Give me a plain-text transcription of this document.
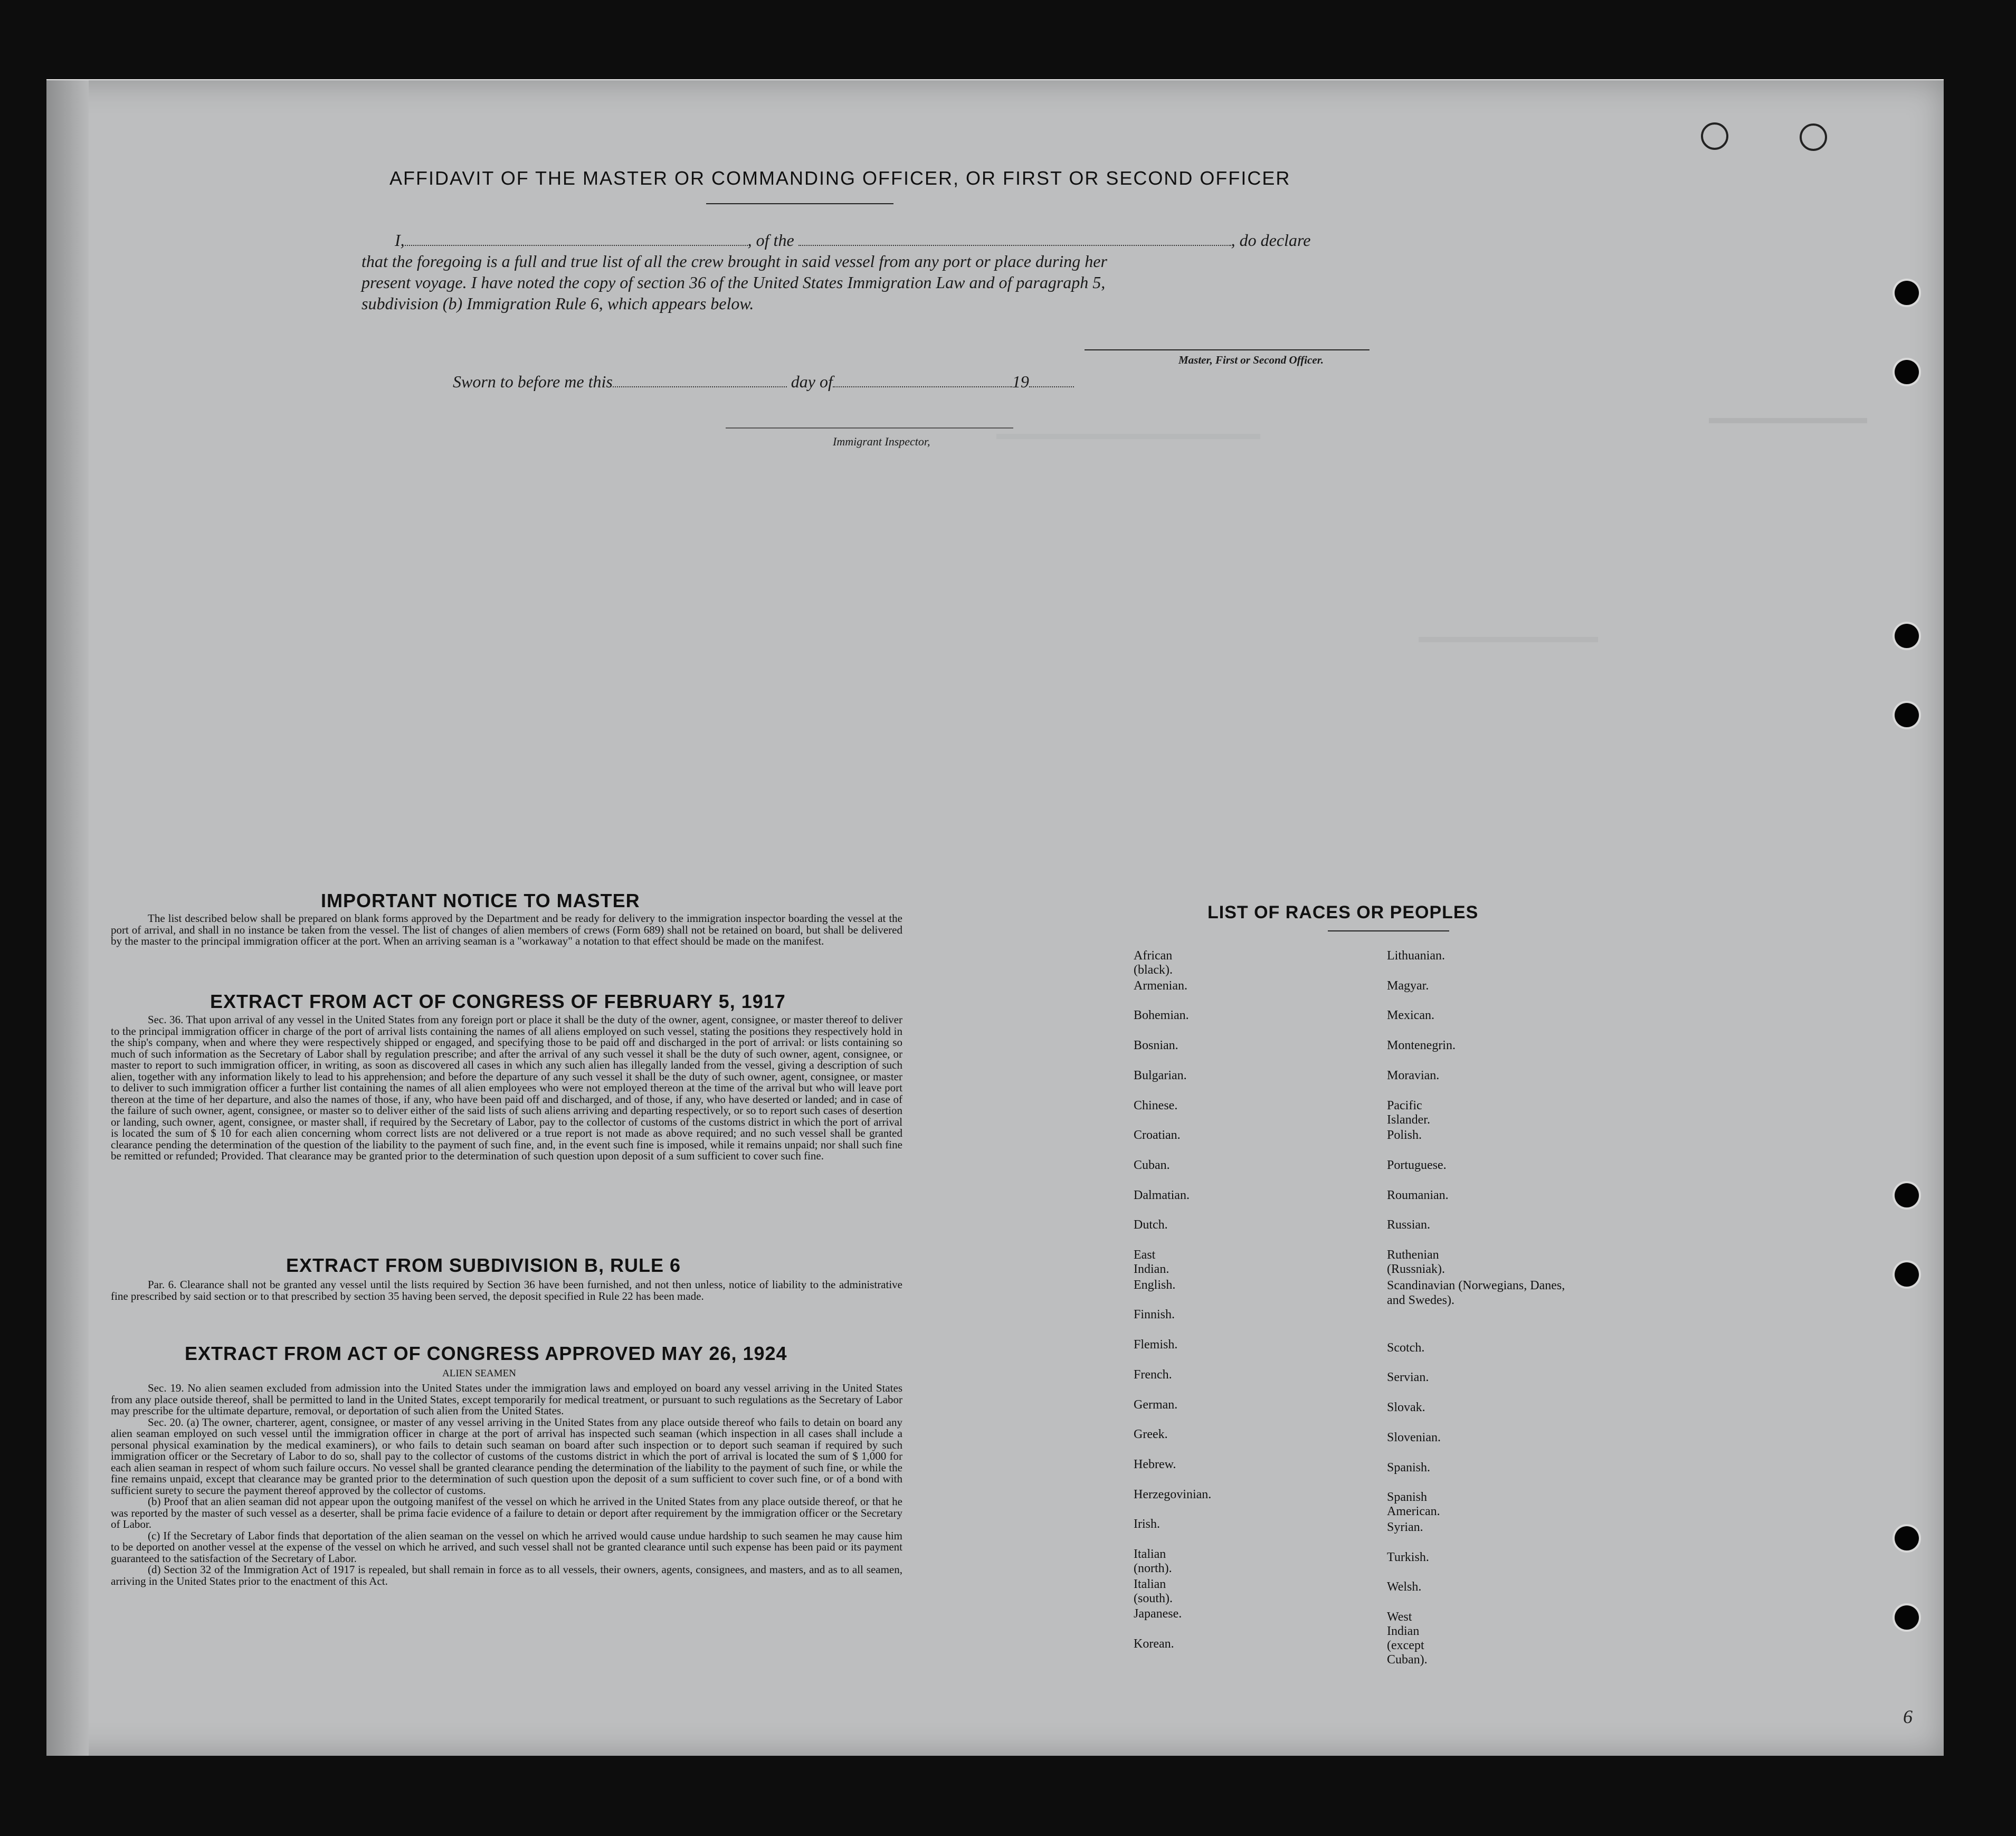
AFFIDAVIT OF THE MASTER OR COMMANDING OFFICER, OR FIRST OR SECOND OFFICER
I,	, of the	, do declare
that the foregoing is a full and true list of all the crew brought in said vessel from any port or place during her
present voyage. I have noted the copy of section 36 of the United States Immigration Law and of paragraph 5,
subdivision (b) Immigration Rule 6, which appears below.
Master, First or Second Officer.
Sworn to before me this	day of	19
Immigrant Inspector,
IMPORTANT NOTICE TO MASTER

The list described below shall be prepared on blank forms approved by the Department and be ready for delivery to the immigration inspector boarding the vessel at the port of arrival, and shall in no instance be taken from the vessel. The list of changes of alien members of crews (Form 689) shall not be retained on board, but shall be delivered by the master to the principal immigration officer at the port. When an arriving seaman is a "workaway" a notation to that effect should be made on the manifest.

EXTRACT FROM ACT OF CONGRESS OF FEBRUARY 5, 1917

Sec. 36. That upon arrival of any vessel in the United States from any foreign port or place it shall be the duty of the owner, agent, consignee, or master thereof to deliver to the principal immigration officer in charge of the port of arrival lists containing the names of all aliens employed on such vessel, stating the positions they respectively hold in the ship's company, when and where they were respectively shipped or engaged, and specifying those to be paid off and discharged in the port of arrival: or lists containing so much of such information as the Secretary of Labor shall by regulation prescribe; and after the arrival of any such vessel it shall be the duty of such owner, agent, consignee, or master to report to such immigration officer, in writing, as soon as discovered all cases in which any such alien has illegally landed from the vessel, giving a description of such alien, together with any information likely to lead to his apprehension; and before the departure of any such vessel it shall be the duty of such owner, agent, consignee, or master to deliver to such immigration officer a further list containing the names of all alien employees who were not employed thereon at the time of the arrival but who will leave port thereon at the time of her departure, and also the names of those, if any, who have been paid off and discharged, and of those, if any, who have deserted or landed; and in case of the failure of such owner, agent, consignee, or master so to deliver either of the said lists of such aliens arriving and departing respectively, or so to report such cases of desertion or landing, such owner, agent, consignee, or master shall, if required by the Secretary of Labor, pay to the collector of customs of the customs district in which the port of arrival is located the sum of $ 10 for each alien concerning whom correct lists are not delivered or a true report is not made as above required; and no such vessel shall be granted clearance pending the determination of the question of the liability to the payment of such fine, and, in the event such fine is imposed, while it remains unpaid; nor shall such fine be remitted or refunded; Provided. That clearance may be granted prior to the determination of such question upon deposit of a sum sufficient to cover such fine.

EXTRACT FROM SUBDIVISION B, RULE 6

Par. 6. Clearance shall not be granted any vessel until the lists required by Section 36 have been furnished, and not then unless, notice of liability to the administrative fine prescribed by said section or to that prescribed by section 35 having been served, the deposit specified in Rule 22 has been made.

EXTRACT FROM ACT OF CONGRESS APPROVED MAY 26, 1924
ALIEN SEAMEN

Sec. 19. No alien seamen excluded from admission into the United States under the immigration laws and employed on board any vessel arriving in the United States from any place outside thereof, shall be permitted to land in the United States, except temporarily for medical treatment, or pursuant to such regulations as the Secretary of Labor may prescribe for the ultimate departure, removal, or deportation of such alien from the United States.

Sec. 20. (a) The owner, charterer, agent, consignee, or master of any vessel arriving in the United States from any place outside thereof who fails to detain on board any alien seaman employed on such vessel until the immigration officer in charge at the port of arrival has inspected such seaman (which inspection in all cases shall include a personal physical examination by the medical examiners), or who fails to detain such seaman on board after such inspection or to deport such seaman if required by such immigration officer or the Secretary of Labor to do so, shall pay to the collector of customs of the customs district in which the port of arrival is located the sum of $ 1,000 for each alien seaman in respect of whom such failure occurs. No vessel shall be granted clearance pending the determination of the liability to the payment of such fine, or while the fine remains unpaid, except that clearance may be granted prior to the determination of such question upon the deposit of a sum sufficient to cover such fine, or of a bond with sufficient surety to secure the payment thereof approved by the collector of customs.

(b) Proof that an alien seaman did not appear upon the outgoing manifest of the vessel on which he arrived in the United States from any place outside thereof, or that he was reported by the master of such vessel as a deserter, shall be prima facie evidence of a failure to detain or deport after requirement by the immigration officer or the Secretary of Labor.

(c) If the Secretary of Labor finds that deportation of the alien seaman on the vessel on which he arrived would cause undue hardship to such seamen he may cause him to be deported on another vessel at the expense of the vessel on which he arrived, and such vessel shall not be granted clearance until such expense has been paid or its payment guaranteed to the satisfaction of the Secretary of Labor.

(d) Section 32 of the Immigration Act of 1917 is repealed, but shall remain in force as to all vessels, their owners, agents, consignees, and masters, and as to all seamen, arriving in the United States prior to the enactment of this Act.

LIST OF RACES OR PEOPLES
African (black).
Armenian.
Bohemian.
Bosnian.
Bulgarian.
Chinese.
Croatian.
Cuban.
Dalmatian.
Dutch.
East Indian.
English.
Finnish.
Flemish.
French.
German.
Greek.
Hebrew.
Herzegovinian.
Irish.
Italian (north).
Italian (south).
Japanese.
Korean.
Lithuanian.
Magyar.
Mexican.
Montenegrin.
Moravian.
Pacific Islander.
Polish.
Portuguese.
Roumanian.
Russian.
Ruthenian (Russniak).
Scandinavian (Norwegians, Danes, and Swedes).
Scotch.
Servian.
Slovak.
Slovenian.
Spanish.
Spanish American.
Syrian.
Turkish.
Welsh.
West Indian (except Cuban).
6
